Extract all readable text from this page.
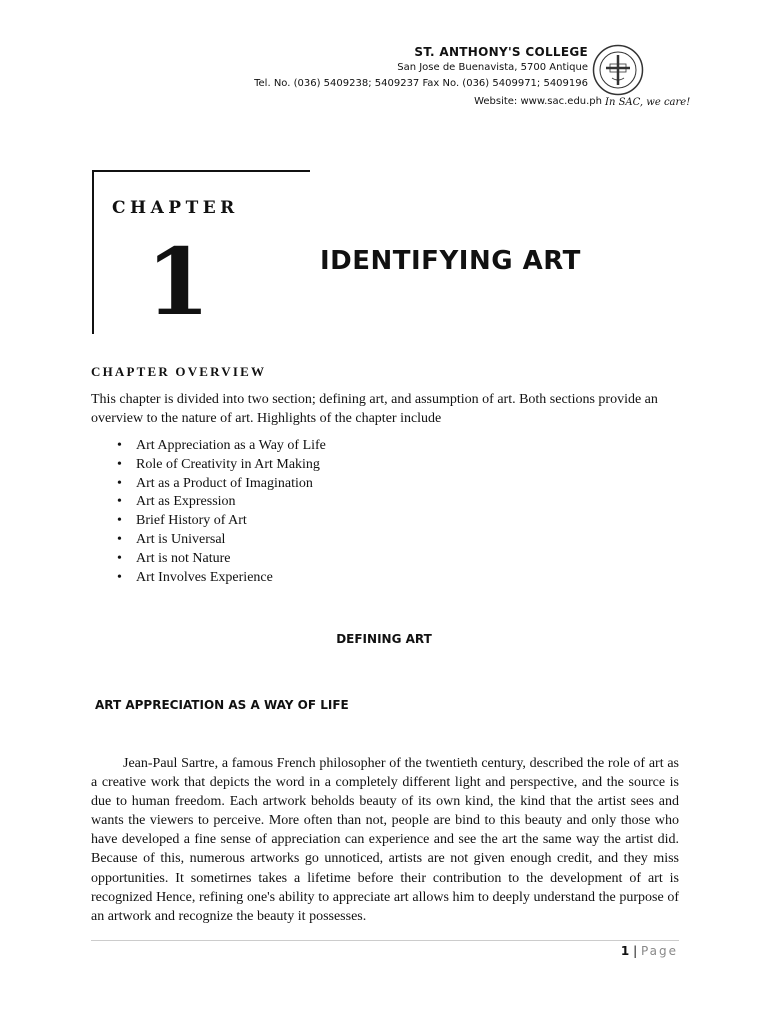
ST. ANTHONY'S COLLEGE
San Jose de Buenavista, 5700 Antique
Tel. No. (036) 5409238; 5409237 Fax No. (036) 5409971; 5409196
Website: www.sac.edu.ph In SAC, we care!
CHAPTER
1	IDENTIFYING ART
CHAPTER OVERVIEW
This chapter is divided into two section; defining art, and assumption of art. Both sections provide an overview to the nature of art. Highlights of the chapter include
• Art Appreciation as a Way of Life
• Role of Creativity in Art Making
• Art as a Product of Imagination
• Art as Expression
• Brief History of Art
• Art is Universal
• Art is not Nature
• Art Involves Experience
DEFINING ART
ART APPRECIATION AS A WAY OF LIFE

Jean-Paul Sartre, a famous French philosopher of the twentieth century, described the role of art as a creative work that depicts the word in a completely different light and perspective, and the source is due to human freedom. Each artwork beholds beauty of its own kind, the kind that the artist sees and wants the viewers to perceive. More often than not, people are bind to this beauty and only those who have developed a fine sense of appreciation can experience and see the art the same way the artist did. Because of this, numerous artworks go unnoticed, artists are not given enough credit, and they miss opportunities. It sometirnes takes a lifetime before their contribution to the development of art is recognized Hence, refining one's ability to appreciate art allows him to deeply understand the purpose of an artwork and recognize the beauty it possesses.

1 | Page
